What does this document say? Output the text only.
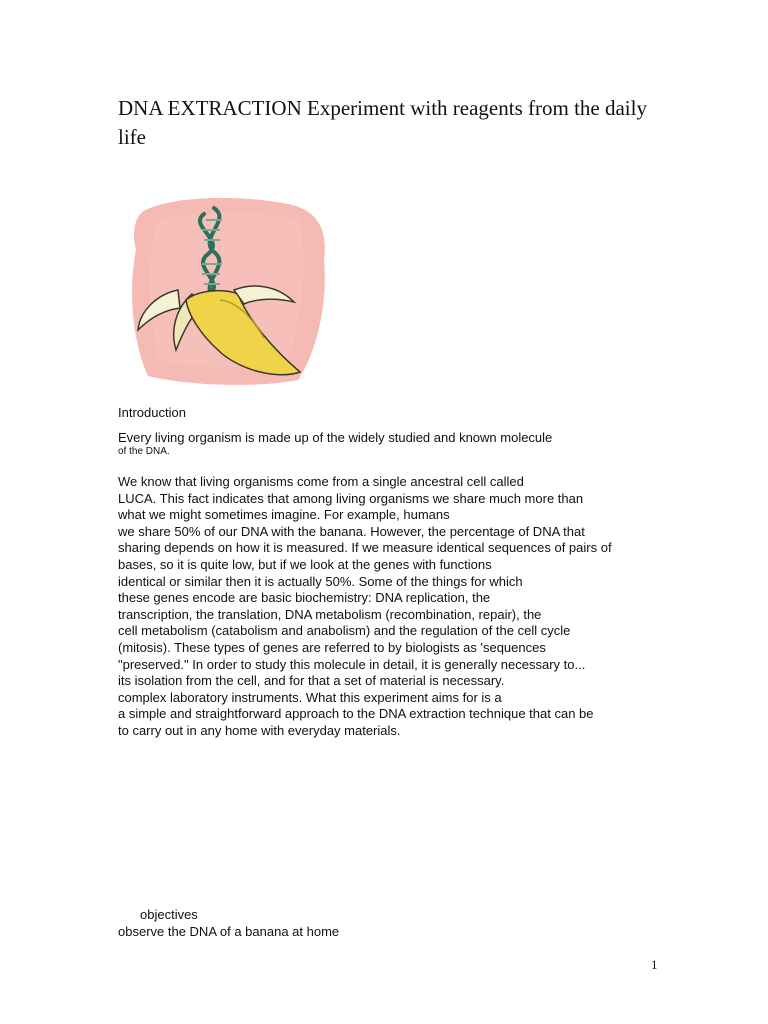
DNA EXTRACTION Experiment with reagents from the daily life
Introduction
Every living organism is made up of the widely studied and known molecule
of the DNA.
We know that living organisms come from a single ancestral cell called
LUCA. This fact indicates that among living organisms we share much more than
what we might sometimes imagine. For example, humans
we share 50% of our DNA with the banana. However, the percentage of DNA that
sharing depends on how it is measured. If we measure identical sequences of pairs of
bases, so it is quite low, but if we look at the genes with functions
identical or similar then it is actually 50%. Some of the things for which
these genes encode are basic biochemistry: DNA replication, the
transcription, the translation, DNA metabolism (recombination, repair), the
cell metabolism (catabolism and anabolism) and the regulation of the cell cycle
(mitosis). These types of genes are referred to by biologists as 'sequences
"preserved." In order to study this molecule in detail, it is generally necessary to...
its isolation from the cell, and for that a set of material is necessary.
complex laboratory instruments. What this experiment aims for is a
a simple and straightforward approach to the DNA extraction technique that can be
to carry out in any home with everyday materials.
objectives
observe the DNA of a banana at home
1
